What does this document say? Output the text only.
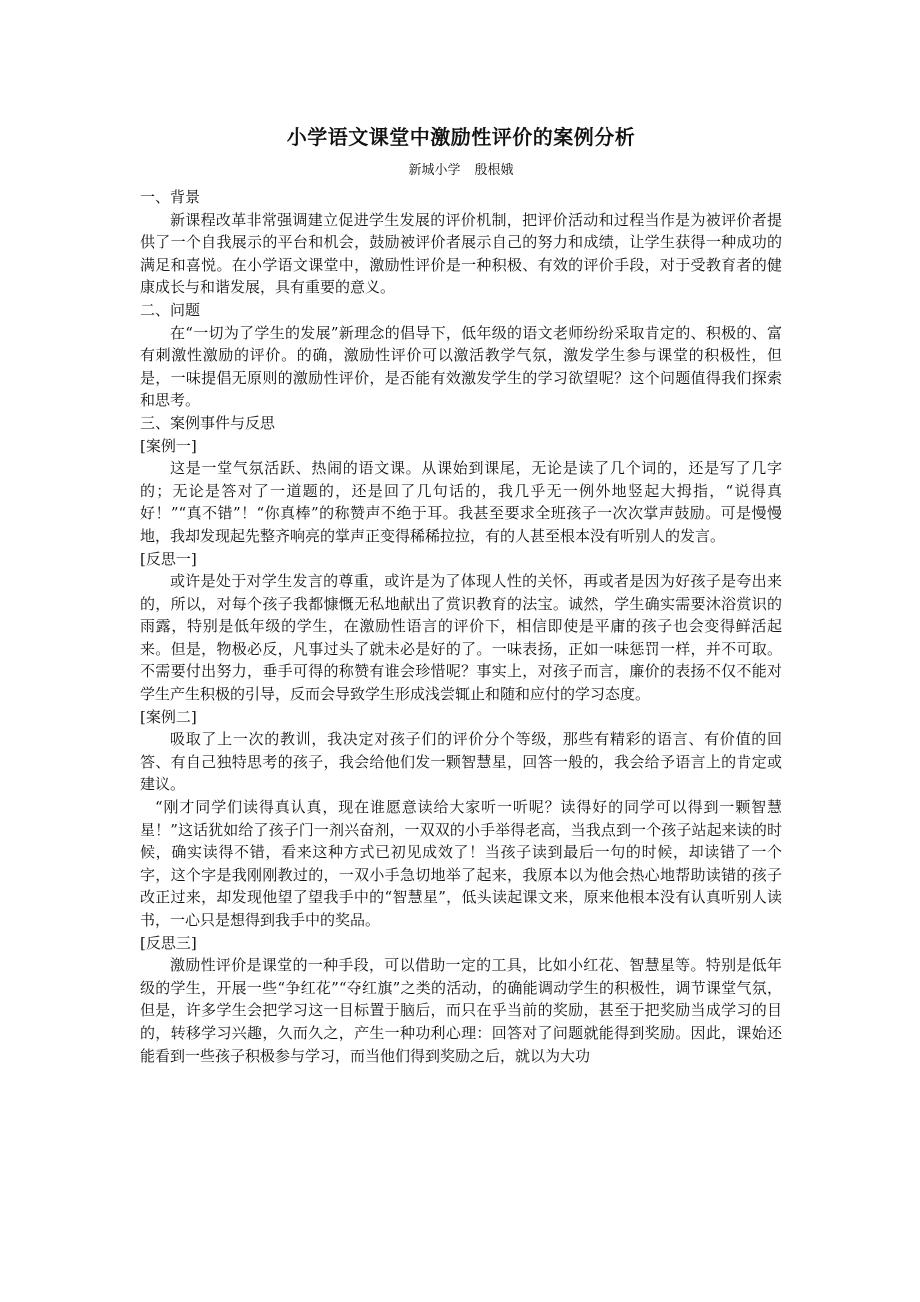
小学语文课堂中激励性评价的案例分析
新城小学 殷根娥
一、背景

新课程改革非常强调建立促进学生发展的评价机制，把评价活动和过程当作是为被评价者提供了一个自我展示的平台和机会，鼓励被评价者展示自己的努力和成绩，让学生获得一种成功的满足和喜悦。在小学语文课堂中，激励性评价是一种积极、有效的评价手段，对于受教育者的健康成长与和谐发展，具有重要的意义。

二、问题

在“一切为了学生的发展”新理念的倡导下，低年级的语文老师纷纷采取肯定的、积极的、富有刺激性激励的评价。的确，激励性评价可以激活教学气氛，激发学生参与课堂的积极性，但是，一味提倡无原则的激励性评价，是否能有效激发学生的学习欲望呢？这个问题值得我们探索和思考。

三、案例事件与反思
[案例一]

这是一堂气氛活跃、热闹的语文课。从课始到课尾，无论是读了几个词的，还是写了几字的；无论是答对了一道题的，还是回了几句话的，我几乎无一例外地竖起大拇指，“说得真好！”“真不错”！“你真棒”的称赞声不绝于耳。我甚至要求全班孩子一次次掌声鼓励。可是慢慢地，我却发现起先整齐响亮的掌声正变得稀稀拉拉，有的人甚至根本没有听别人的发言。

[反思一]

或许是处于对学生发言的尊重，或许是为了体现人性的关怀，再或者是因为好孩子是夸出来的，所以，对每个孩子我都慷慨无私地献出了赏识教育的法宝。诚然，学生确实需要沐浴赏识的雨露，特别是低年级的学生，在激励性语言的评价下，相信即使是平庸的孩子也会变得鲜活起来。但是，物极必反，凡事过头了就未必是好的了。一味表扬，正如一味惩罚一样，并不可取。不需要付出努力，垂手可得的称赞有谁会珍惜呢？事实上，对孩子而言，廉价的表扬不仅不能对学生产生积极的引导，反而会导致学生形成浅尝辄止和随和应付的学习态度。

[案例二]

吸取了上一次的教训，我决定对孩子们的评价分个等级，那些有精彩的语言、有价值的回答、有自己独特思考的孩子，我会给他们发一颗智慧星，回答一般的，我会给予语言上的肯定或建议。

“刚才同学们读得真认真，现在谁愿意读给大家听一听呢？读得好的同学可以得到一颗智慧星！”这话犹如给了孩子门一剂兴奋剂，一双双的小手举得老高，当我点到一个孩子站起来读的时候，确实读得不错，看来这种方式已初见成效了！当孩子读到最后一句的时候，却读错了一个字，这个字是我刚刚教过的，一双小手急切地举了起来，我原本以为他会热心地帮助读错的孩子改正过来，却发现他望了望我手中的“智慧星”，低头读起课文来，原来他根本没有认真听别人读书，一心只是想得到我手中的奖品。

[反思三]

激励性评价是课堂的一种手段，可以借助一定的工具，比如小红花、智慧星等。特别是低年级的学生，开展一些“争红花”“夺红旗”之类的活动，的确能调动学生的积极性，调节课堂气氛，但是，许多学生会把学习这一目标置于脑后，而只在乎当前的奖励，甚至于把奖励当成学习的目的，转移学习兴趣，久而久之，产生一种功利心理：回答对了问题就能得到奖励。因此，课始还能看到一些孩子积极参与学习，而当他们得到奖励之后，就以为大功
